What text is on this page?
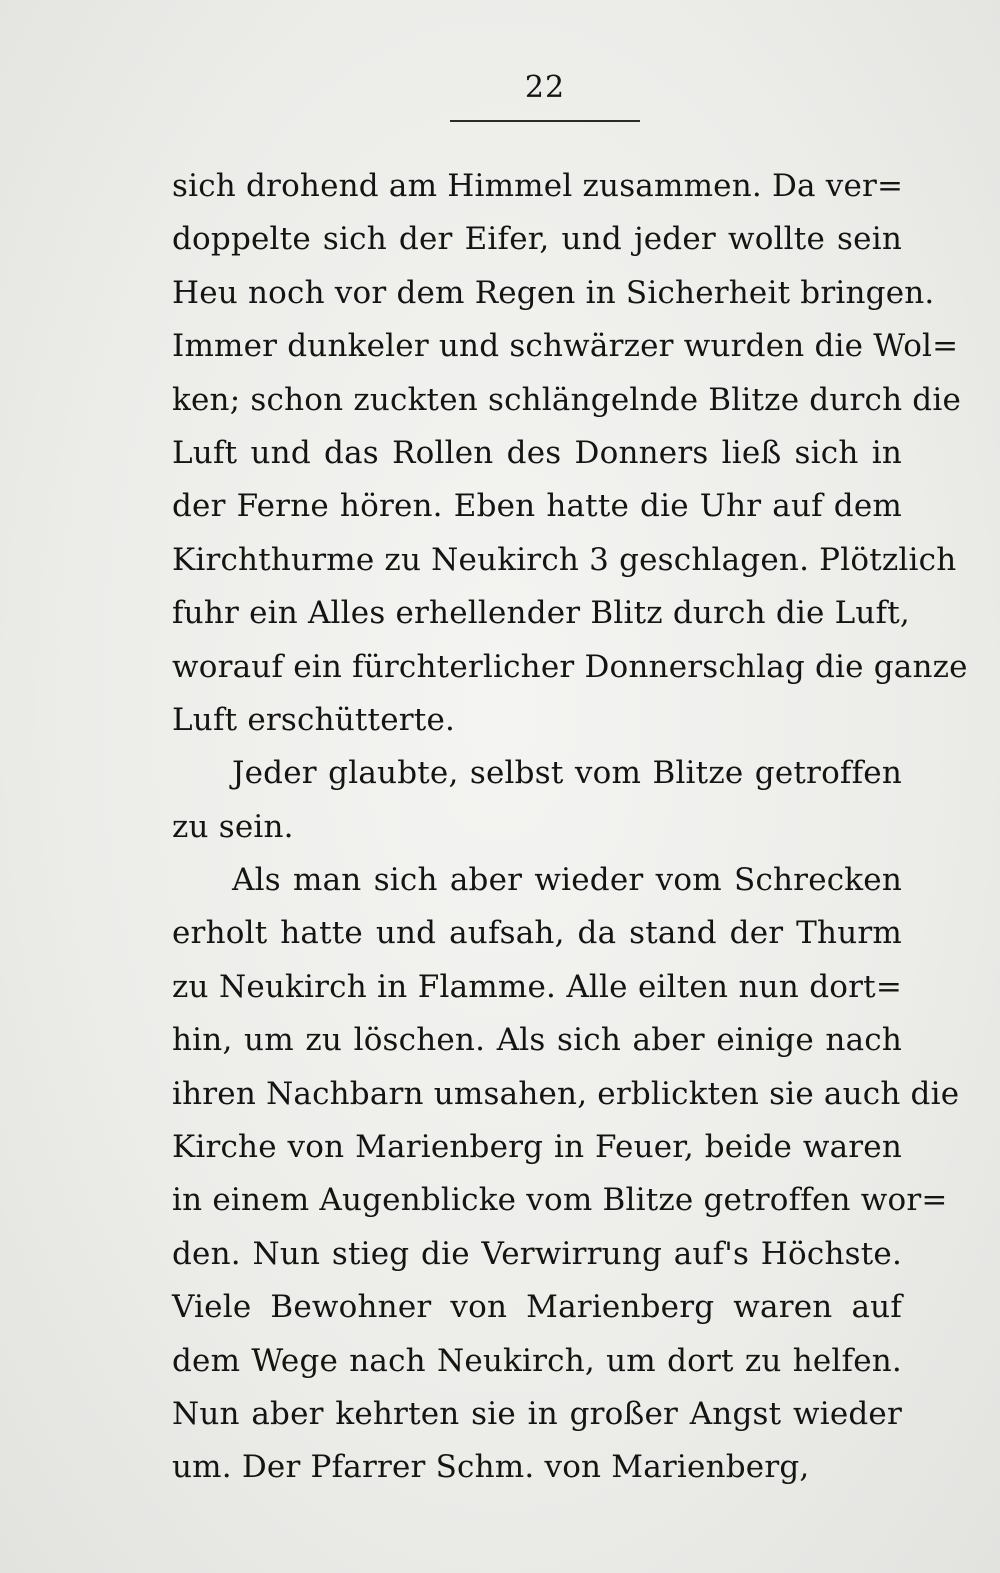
22
sich drohend am Himmel zusammen. Da ver=
doppelte sich der Eifer, und jeder wollte sein
Heu noch vor dem Regen in Sicherheit bringen.
Immer dunkeler und schwärzer wurden die Wol=
ken; schon zuckten schlängelnde Blitze durch die
Luft und das Rollen des Donners ließ sich in
der Ferne hören. Eben hatte die Uhr auf dem
Kirchthurme zu Neukirch 3 geschlagen. Plötzlich
fuhr ein Alles erhellender Blitz durch die Luft,
worauf ein fürchterlicher Donnerschlag die ganze
Luft erschütterte.
Jeder glaubte, selbst vom Blitze getroffen
zu sein.
Als man sich aber wieder vom Schrecken
erholt hatte und aufsah, da stand der Thurm
zu Neukirch in Flamme. Alle eilten nun dort=
hin, um zu löschen. Als sich aber einige nach
ihren Nachbarn umsahen, erblickten sie auch die
Kirche von Marienberg in Feuer, beide waren
in einem Augenblicke vom Blitze getroffen wor=
den. Nun stieg die Verwirrung auf's Höchste.
Viele Bewohner von Marienberg waren auf
dem Wege nach Neukirch, um dort zu helfen.
Nun aber kehrten sie in großer Angst wieder
um. Der Pfarrer Schm. von Marienberg,
